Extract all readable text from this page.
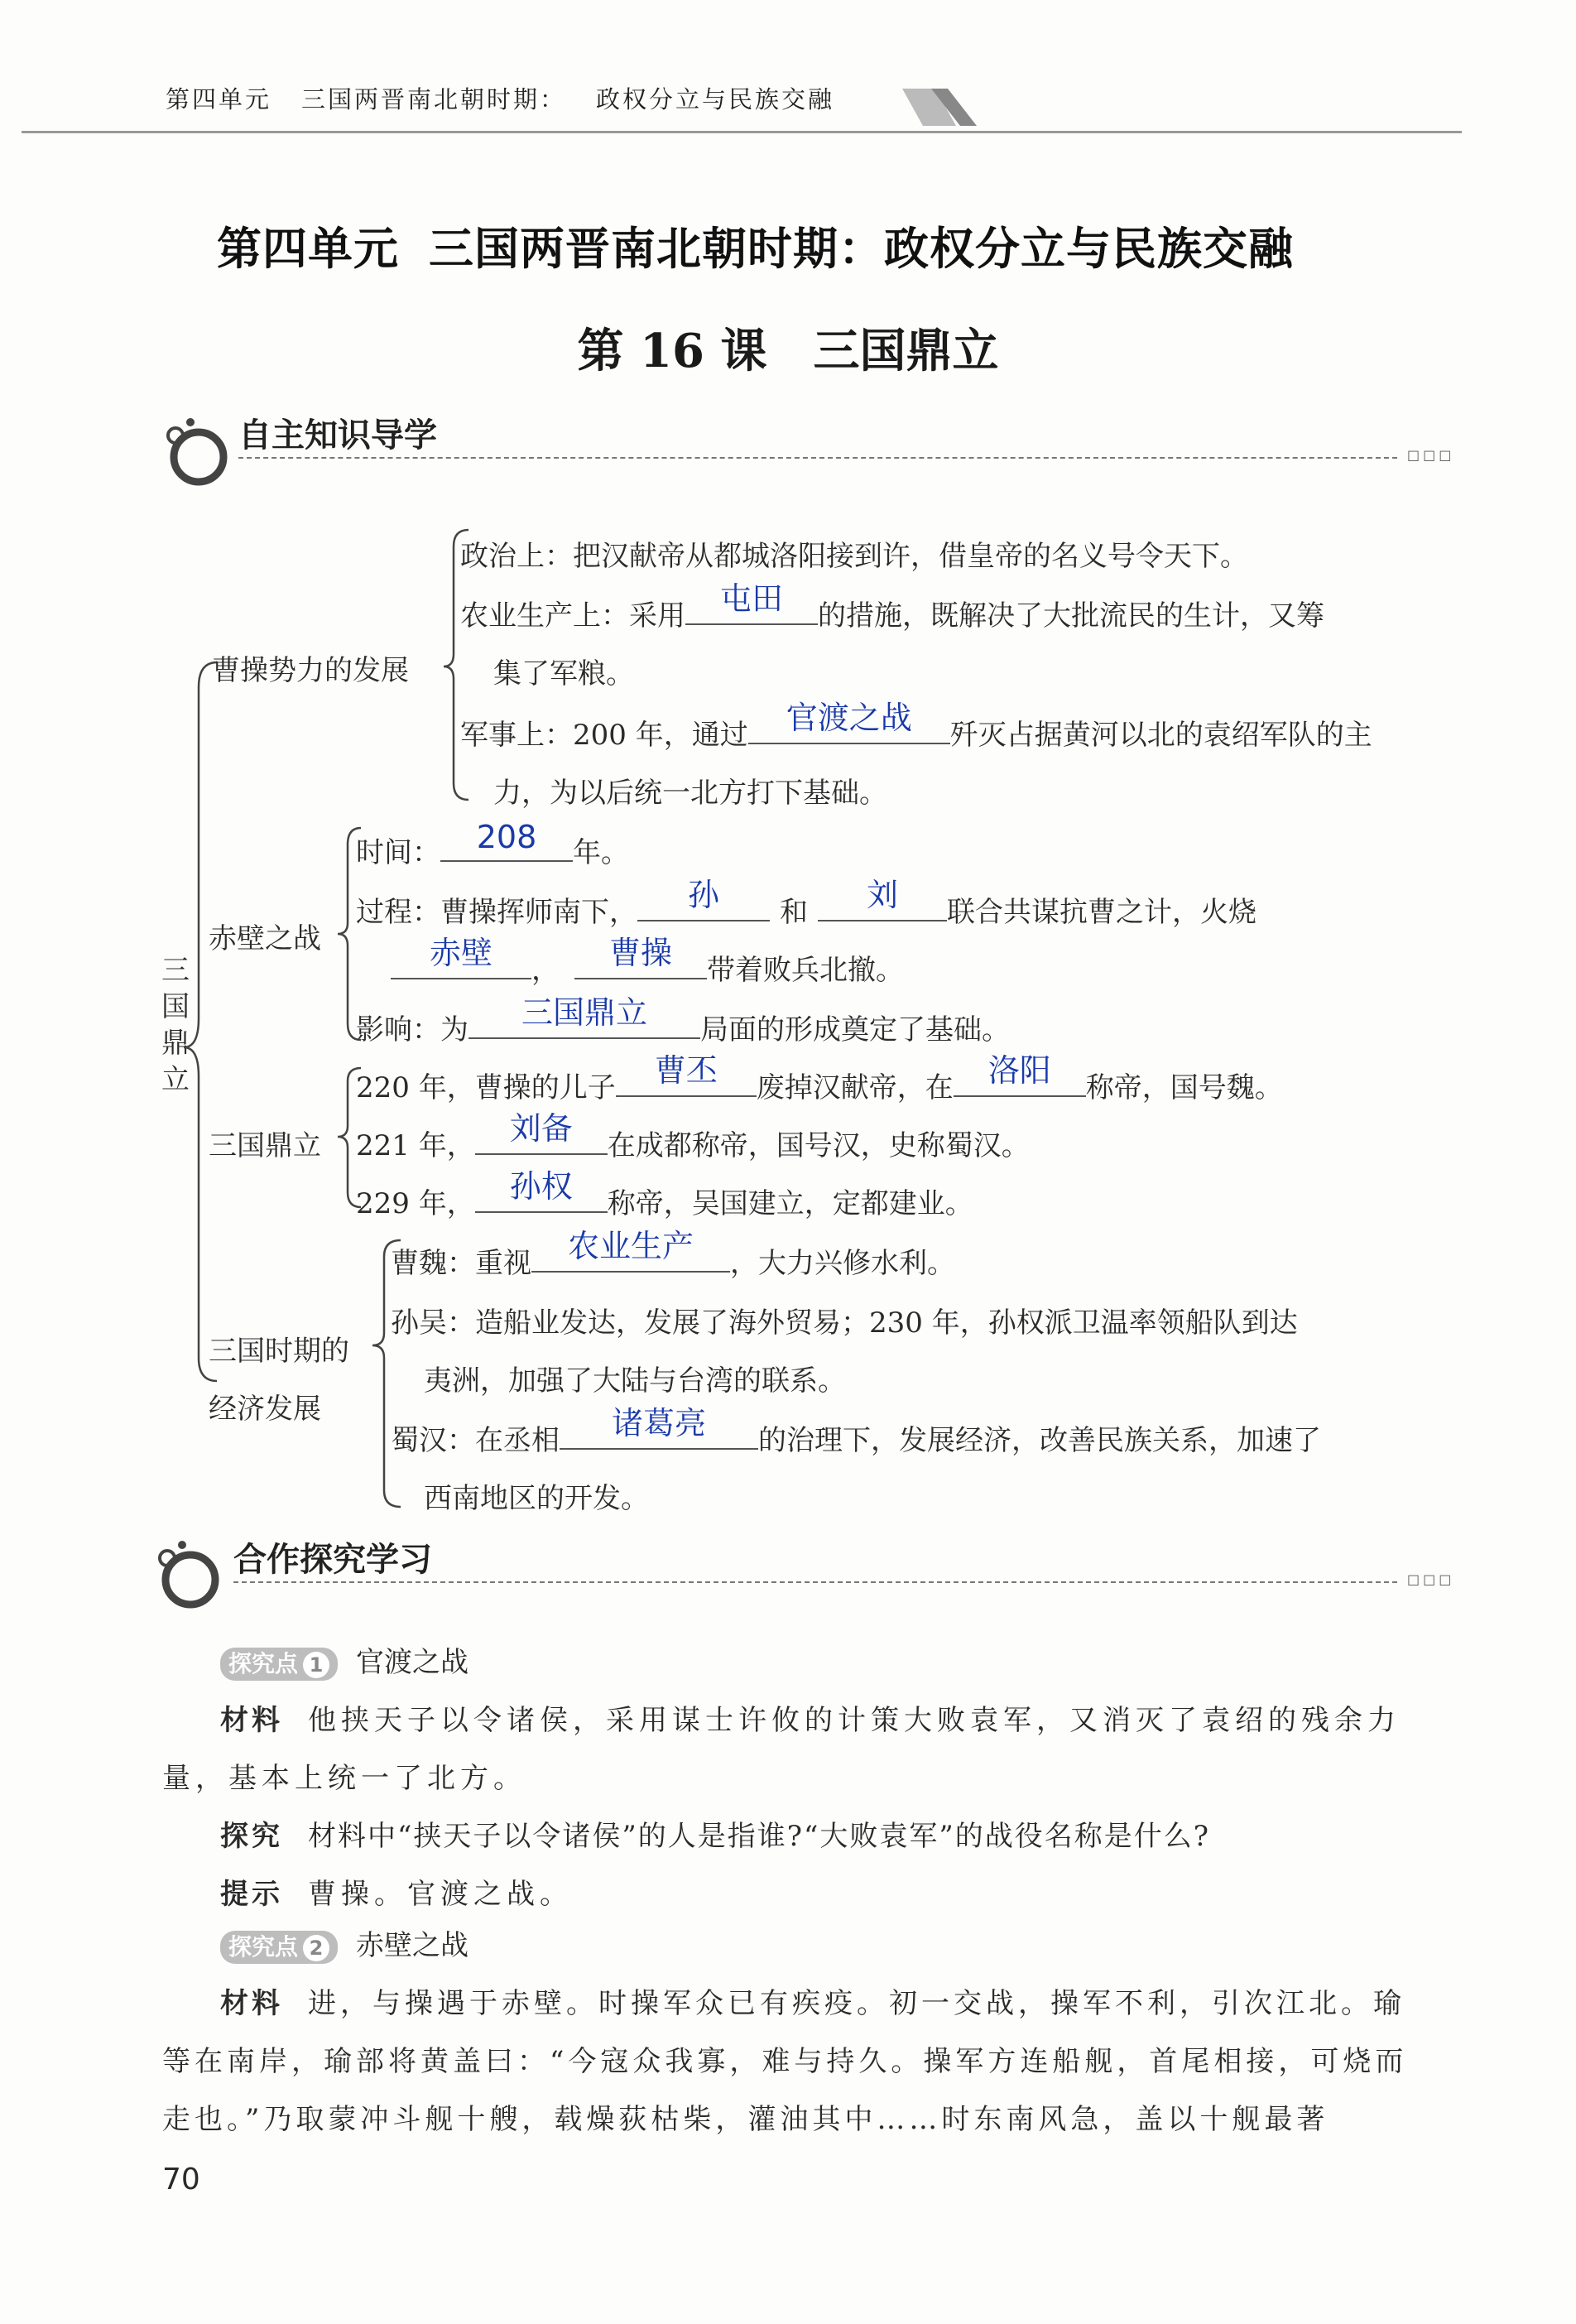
第四单元 三国两晋南北朝时期： 政权分立与民族交融
第四单元 三国两晋南北朝时期：政权分立与民族交融
第 16 课 三国鼎立
自主知识导学
□□□
三
国
鼎
立
曹操势力的发展
政治上：把汉献帝从都城洛阳接到许，借皇帝的名义号令天下。
农业生产上：采用	屯田	的措施，既解决了大批流民的生计，又筹
集了军粮。
军事上：200 年，通过	官渡之战	歼灭占据黄河以北的袁绍军队的主
力，为以后统一北方打下基础。
赤壁之战
时间：	208	年。
过程：曹操挥师南下，	孙	和	刘	联合共谋抗曹之计，火烧
赤壁	，	曹操	带着败兵北撤。
影响：为	三国鼎立	局面的形成奠定了基础。
三国鼎立
220 年，曹操的儿子	曹丕	废掉汉献帝，在	洛阳	称帝，国号魏。
221 年，	刘备	在成都称帝，国号汉，史称蜀汉。
229 年，	孙权	称帝，吴国建立，定都建业。
三国时期的
经济发展
曹魏：重视	农业生产	，大力兴修水利。
孙吴：造船业发达，发展了海外贸易；230 年，孙权派卫温率领船队到达
夷洲，加强了大陆与台湾的联系。
蜀汉：在丞相	诸葛亮	的治理下，发展经济，改善民族关系，加速了
西南地区的开发。
合作探究学习
□□□
探究点 1 官渡之战
材料 他挟天子以令诸侯，采用谋士许攸的计策大败袁军，又消灭了袁绍的残余力
量，基本上统一了北方。
探究 材料中“挟天子以令诸侯”的人是指谁?“大败袁军”的战役名称是什么?
提示 曹操。官渡之战。
探究点 2 赤壁之战
材料 进，与操遇于赤壁。时操军众已有疾疫。初一交战，操军不利，引次江北。瑜
等在南岸，瑜部将黄盖曰：“今寇众我寡，难与持久。操军方连船舰，首尾相接，可烧而
走也。”乃取蒙冲斗舰十艘，载燥荻枯柴，灌油其中……时东南风急，盖以十舰最著
70
